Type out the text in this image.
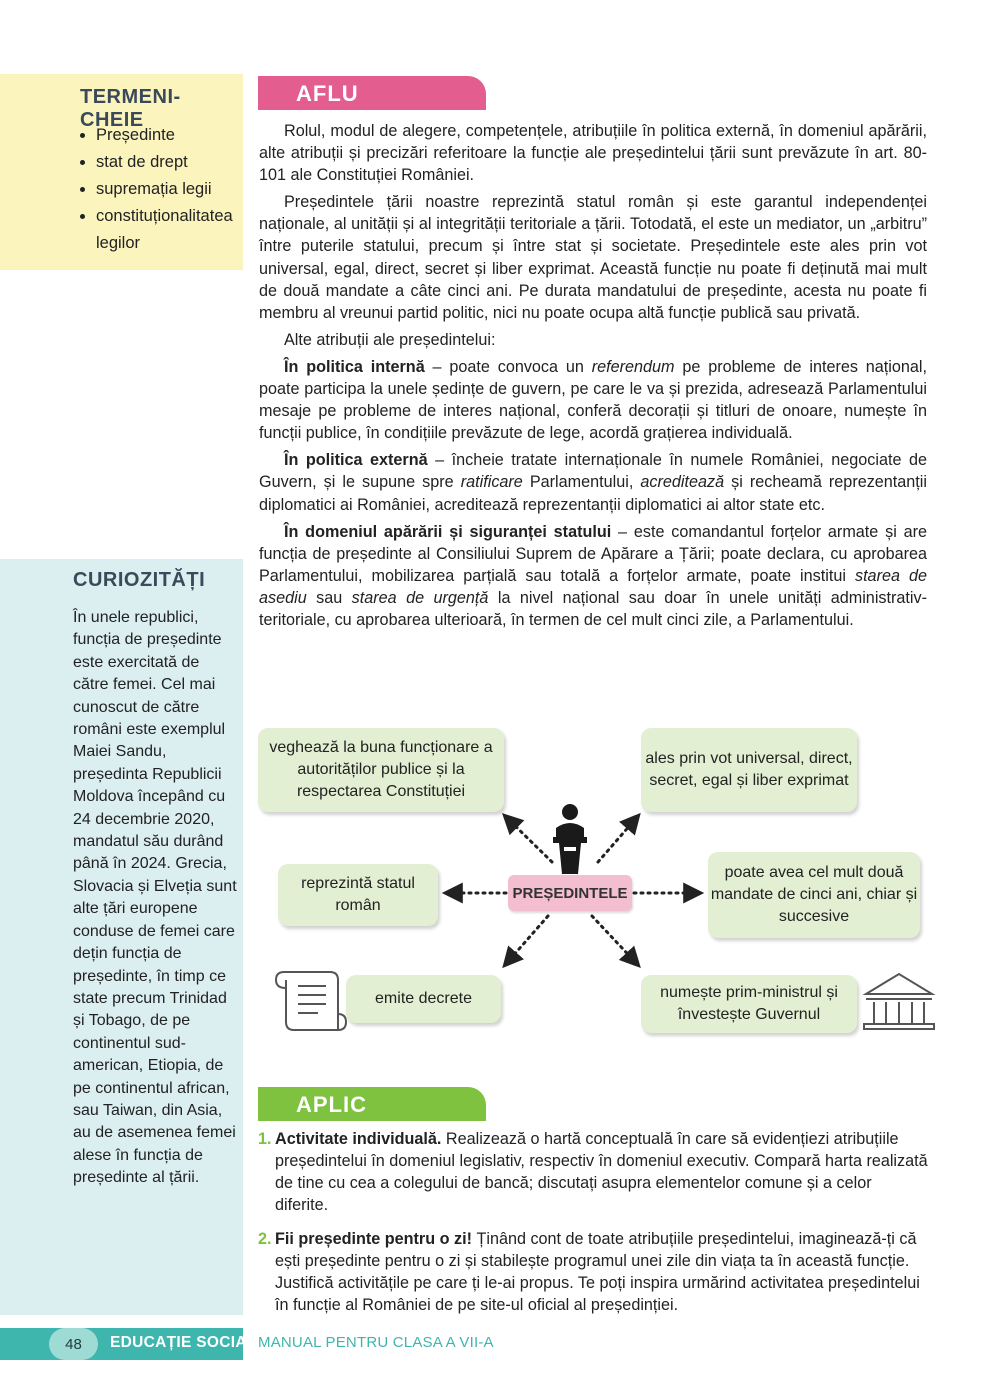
TERMENI-CHEIE
• Președinte
• stat de drept
• supremația legii
• constituționalitatea legilor
CURIOZITĂȚI

În unele republici, funcția de președinte este exercitată de către femei. Cel mai cunoscut de către români este exemplul Maiei Sandu, președinta Republicii Moldova începând cu 24 decembrie 2020, mandatul său durând până în 2024. Grecia, Slovacia și Elveția sunt alte țări europene conduse de femei care dețin funcția de președinte, în timp ce state precum Trinidad și Tobago, de pe continentul sud-american, Etiopia, de pe continentul african, sau Taiwan, din Asia, au de asemenea femei alese în funcția de președinte al țării.

AFLU

Rolul, modul de alegere, competențele, atribuțiile în politica externă, în domeniul apărării, alte atribuții și precizări referitoare la funcție ale președintelui țării sunt prevăzute în art. 80-101 ale Constituției României.

Președintele țării noastre reprezintă statul român și este garantul independenței naționale, al unității și al integrității teritoriale a țării. Totodată, el este un mediator, un „arbitru” între puterile statului, precum și între stat și societate. Președintele este ales prin vot universal, egal, direct, secret și liber exprimat. Această funcție nu poate fi deținută mai mult de două mandate a câte cinci ani. Pe durata mandatului de președinte, acesta nu poate fi membru al vreunui partid politic, nici nu poate ocupa altă funcție publică sau privată.

Alte atribuții ale președintelui:

În politica internă – poate convoca un referendum pe probleme de interes național, poate participa la unele ședințe de guvern, pe care le va și prezida, adresează Parlamentului mesaje pe probleme de interes național, conferă decorații și titluri de onoare, numește în funcții publice, în condițiile prevăzute de lege, acordă grațierea individuală.

În politica externă – încheie tratate internaționale în numele României, negociate de Guvern, și le supune spre ratificare Parlamentului, acreditează și recheamă reprezentanții diplomatici ai României, acreditează reprezentanții diplomatici ai altor state etc.

În domeniul apărării și siguranței statului – este comandantul forțelor armate și are funcția de președinte al Consiliului Suprem de Apărare a Țării; poate declara, cu aprobarea Parlamentului, mobilizarea parțială sau totală a forțelor armate, poate institui starea de asediu sau starea de urgență la nivel național sau doar în unele unități administrativ-teritoriale, cu aprobarea ulterioară, în termen de cel mult cinci zile, a Parlamentului.

veghează la buna funcționare a autorităților publice și la respectarea Constituției
ales prin vot universal, direct, secret, egal și liber exprimat
reprezintă statul român
poate avea cel mult două mandate de cinci ani, chiar și succesive
emite decrete	numește prim-ministrul și învestește Guvernul
PREȘEDINTELE
APLIC
1. Activitate individuală. Realizează o hartă conceptuală în care să evidențiezi atribuțiile președintelui în domeniul legislativ, respectiv în domeniul executiv. Compară harta realizată de tine cu cea a colegului de bancă; discutați asupra elementelor comune și a celor diferite.
2. Fii președinte pentru o zi! Ținând cont de toate atribuțiile președintelui, imaginează-ți că ești președinte pentru o zi și stabilește programul unei zile din viața ta în această funcție. Justifică activitățile pe care ți le-ai propus. Te poți inspira urmărind activitatea președintelui în funcție al României de pe site-ul oficial al președinției.
48	EDUCAȚIE SOCIALĂ
MANUAL PENTRU CLASA A VII-A
